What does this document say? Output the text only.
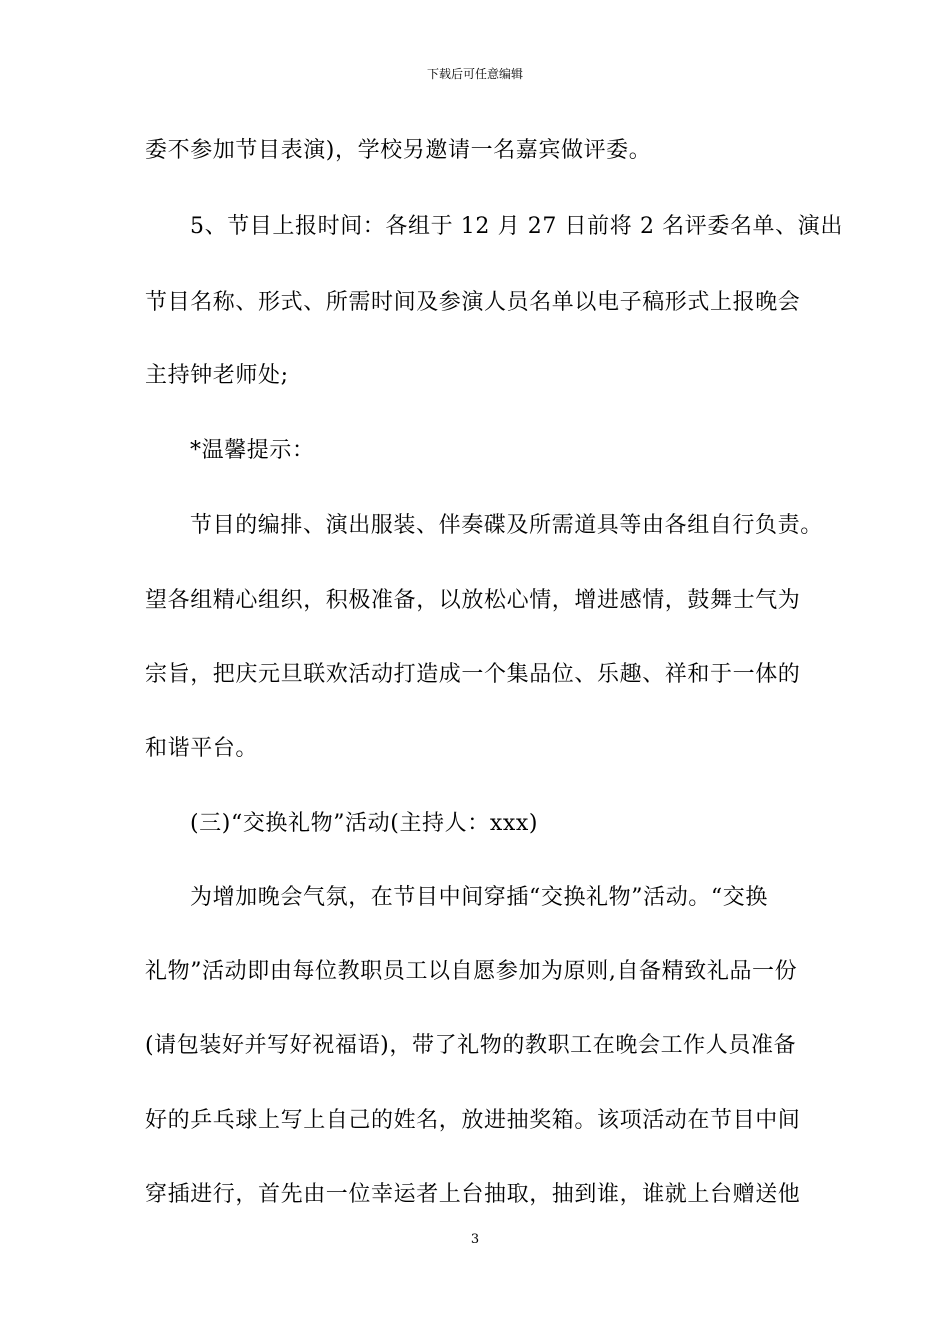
下载后可任意编辑
委不参加节目表演)，学校另邀请一名嘉宾做评委。
5、节目上报时间：各组于 12 月 27 日前将 2 名评委名单、演出
节目名称、形式、所需时间及参演人员名单以电子稿形式上报晚会
主持钟老师处;
*温馨提示：
节目的编排、演出服装、伴奏碟及所需道具等由各组自行负责。
望各组精心组织，积极准备，以放松心情，增进感情，鼓舞士气为
宗旨，把庆元旦联欢活动打造成一个集品位、乐趣、祥和于一体的
和谐平台。
(三)“交换礼物”活动(主持人：xxx)
为增加晚会气氛，在节目中间穿插“交换礼物”活动。“交换
礼物”活动即由每位教职员工以自愿参加为原则,自备精致礼品一份
(请包装好并写好祝福语)，带了礼物的教职工在晚会工作人员准备
好的乒乓球上写上自己的姓名，放进抽奖箱。该项活动在节目中间
穿插进行，首先由一位幸运者上台抽取，抽到谁，谁就上台赠送他
3
